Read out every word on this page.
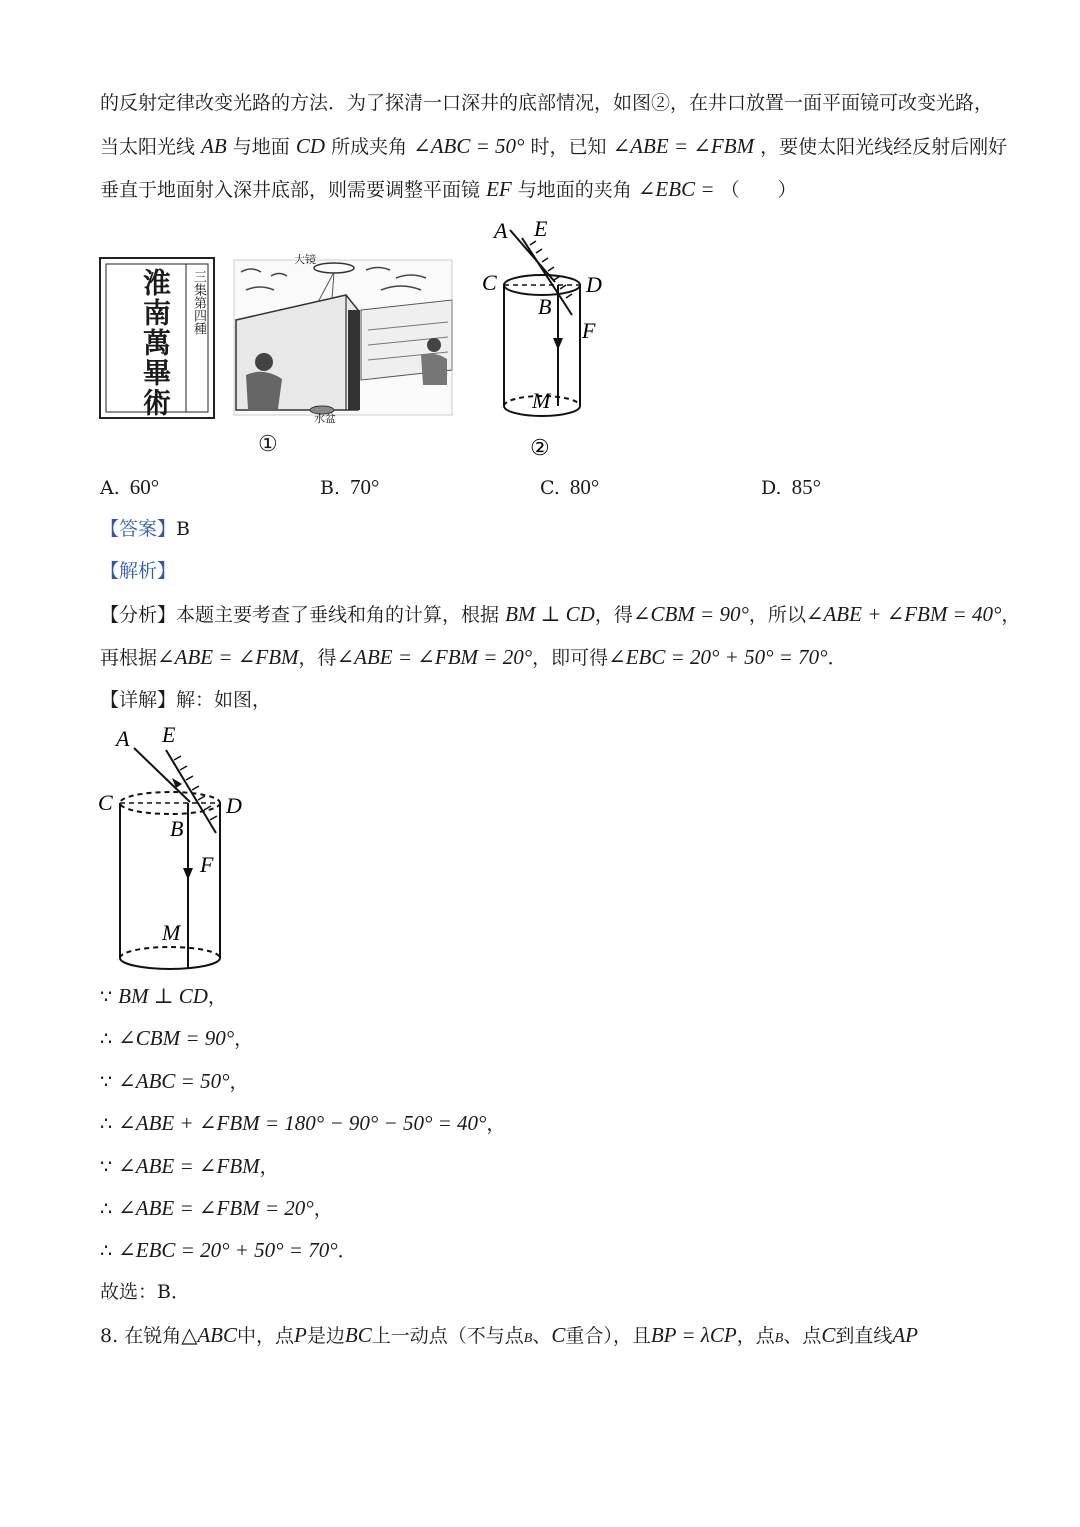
的反射定律改变光路的方法．为了探清一口深井的底部情况，如图②，在井口放置一面平面镜可改变光路，
当太阳光线 AB 与地面 CD 所成夹角 ∠ABC = 50° 时，已知 ∠ABE = ∠FBM ，要使太阳光线经反射后刚好
垂直于地面射入深井底部，则需要调整平面镜 EF 与地面的夹角 ∠EBC = （　　）
淮南萬畢術 三集第四種
大镜
水盆
①
A E
C	D
B
F
M
②
A. 60°	B. 70°	C. 80°	D. 85°
【答案】B
【解析】
【分析】本题主要考查了垂线和角的计算，根据 BM ⊥ CD，得∠CBM = 90°，所以∠ABE + ∠FBM = 40°，
再根据∠ABE = ∠FBM，得∠ABE = ∠FBM = 20°，即可得∠EBC = 20° + 50° = 70°．
【详解】解：如图，
A E
C	D
B
F
M
∵ BM ⊥ CD，
∴ ∠CBM = 90°，
∵ ∠ABC = 50°，
∴ ∠ABE + ∠FBM = 180° − 90° − 50° = 40°，
∵ ∠ABE = ∠FBM，
∴ ∠ABE = ∠FBM = 20°，
∴ ∠EBC = 20° + 50° = 70°．
故选：B．
8. 在锐角△ABC中，点P是边BC上一动点（不与点B、C重合），且BP = λCP，点B、点C到直线AP
